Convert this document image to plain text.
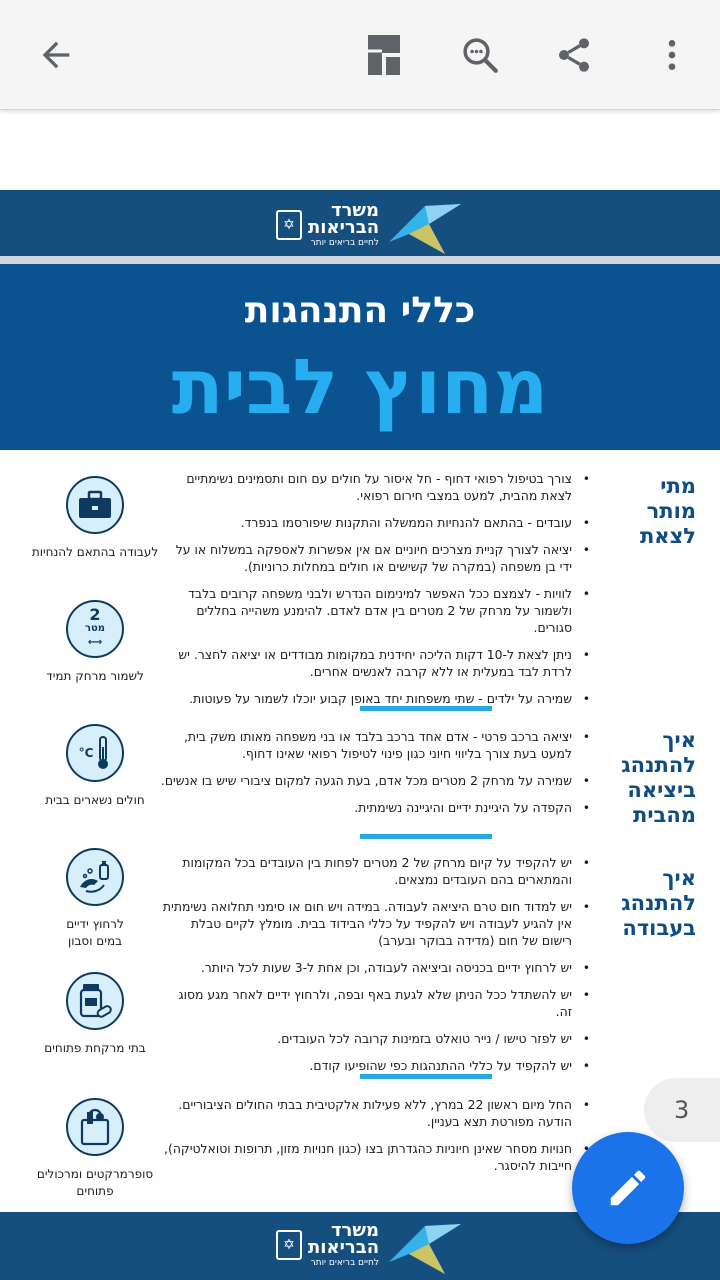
משרד
הבריאות
לחיים בריאים יותר
✡
כללי התנהגות
מחוץ לבית
מתי
מותר
לצאת
• צורך בטיפול רפואי דחוף - חל איסור על חולים עם חום ותסמינים נשימתיים לצאת מהבית, למעט במצבי חירום רפואי.
• עובדים - בהתאם להנחיות הממשלה והתקנות שיפורסמו בנפרד.
• יציאה לצורך קניית מצרכים חיוניים אם אין אפשרות לאספקה במשלוח או על ידי בן משפחה (במקרה של קשישים או חולים במחלות כרוניות).
• לוויות - לצמצם ככל האפשר למינימום הנדרש ולבני משפחה קרובים בלבד ולשמור על מרחק של 2 מטרים בין אדם לאדם. להימנע משהייה בחללים סגורים.
• ניתן לצאת ל-10 דקות הליכה יחידנית במקומות מבודדים או יציאה לחצר. יש לרדת לבד במעלית או ללא קרבה לאנשים אחרים.
• שמירה על ילדים - שתי משפחות יחד באופן קבוע יוכלו לשמור על פעוטות.
איך
להתנהג
ביציאה
מהבית
• יציאה ברכב פרטי - אדם אחד ברכב בלבד או בני משפחה מאותו משק בית, למעט בעת צורך בליווי חיוני כגון פינוי לטיפול רפואי שאינו דחוף.
• שמירה על מרחק 2 מטרים מכל אדם, בעת הגעה למקום ציבורי שיש בו אנשים.
• הקפדה על היגיינת ידיים והיגיינה נשימתית.
איך
להתנהג
בעבודה
• יש להקפיד על קיום מרחק של 2 מטרים לפחות בין העובדים בכל המקומות והמתארים בהם העובדים נמצאים.
• יש למדוד חום טרם היציאה לעבודה. במידה ויש חום או סימני תחלואה נשימתית אין להגיע לעבודה ויש להקפיד על כללי הבידוד בבית. מומלץ לקיים טבלת רישום של חום (מדידה בבוקר ובערב)
• יש לרחוץ ידיים בכניסה וביציאה לעבודה, וכן אחת ל-3 שעות לכל היותר.
• יש להשתדל ככל הניתן שלא לגעת באף ובפה, ולרחוץ ידיים לאחר מגע מסוג זה.
• יש לפזר טישו / נייר טואלט בזמינות קרובה לכל העובדים.
• יש להקפיד על כללי ההתנהגות כפי שהופיעו קודם.
• החל מיום ראשון 22 במרץ, ללא פעילות אלקטיבית בבתי החולים הציבוריים. הודעה מפורטת תצא בעניין.
• חנויות מסחר שאינן חיוניות כהגדרתן בצו (כגון חנויות מזון, תרופות וטואלטיקה), חייבות להיסגר.
לעבודה בהתאם להנחיות
2
מטר
⟷
לשמור מרחק תמיד
°C
חולים נשארים בבית
לרחוץ ידיים
במים וסבון
בתי מרקחת פתוחים
סופרמרקטים ומרכולים
פתוחים
משרד
הבריאות
לחיים בריאים יותר
✡
3
